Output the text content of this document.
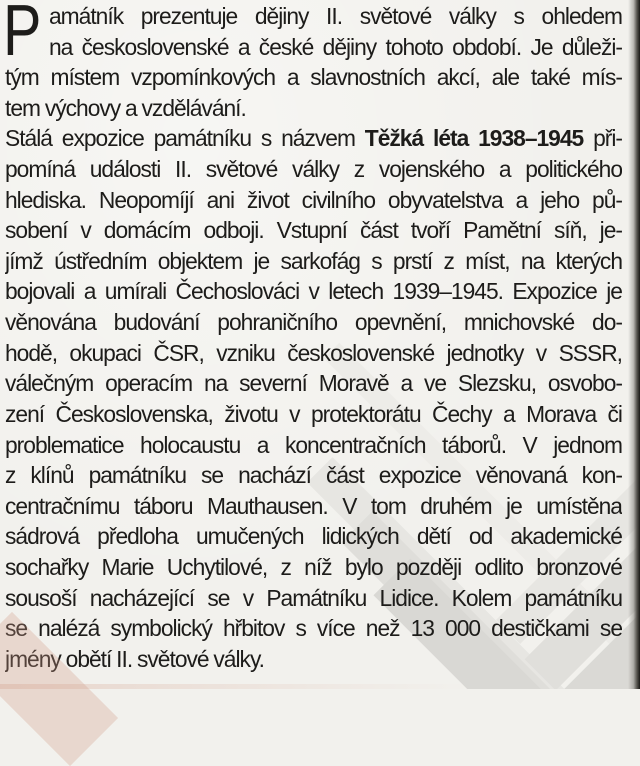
P amátník prezentuje dějiny II. světové války s ohledem
na československé a české dějiny tohoto období. Je důleži-
tým místem vzpomínkových a slavnostních akcí, ale také mís-
tem výchovy a vzdělávání.
Stálá expozice památníku s názvem Těžká léta 1938–1945 při-
pomíná události II. světové války z vojenského a politického
hlediska. Neopomíjí ani život civilního obyvatelstva a jeho pů-
sobení v domácím odboji. Vstupní část tvoří Pamětní síň, je-
jímž ústředním objektem je sarkofág s prstí z míst, na kterých
bojovali a umírali Čechoslováci v letech 1939–1945. Expozice je
věnována budování pohraničního opevnění, mnichovské do-
hodě, okupaci ČSR, vzniku československé jednotky v SSSR,
válečným operacím na severní Moravě a ve Slezsku, osvobo-
zení Československa, životu v protektorátu Čechy a Morava či
problematice holocaustu a koncentračních táborů. V jednom
z klínů památníku se nachází část expozice věnovaná kon-
centračnímu táboru Mauthausen. V tom druhém je umístěna
sádrová předloha umučených lidických dětí od akademické
sochařky Marie Uchytilové, z níž bylo později odlito bronzové
sousoší nacházející se v Památníku Lidice. Kolem památníku
se nalézá symbolický hřbitov s více než 13 000 destičkami se
jmény obětí II. světové války.
